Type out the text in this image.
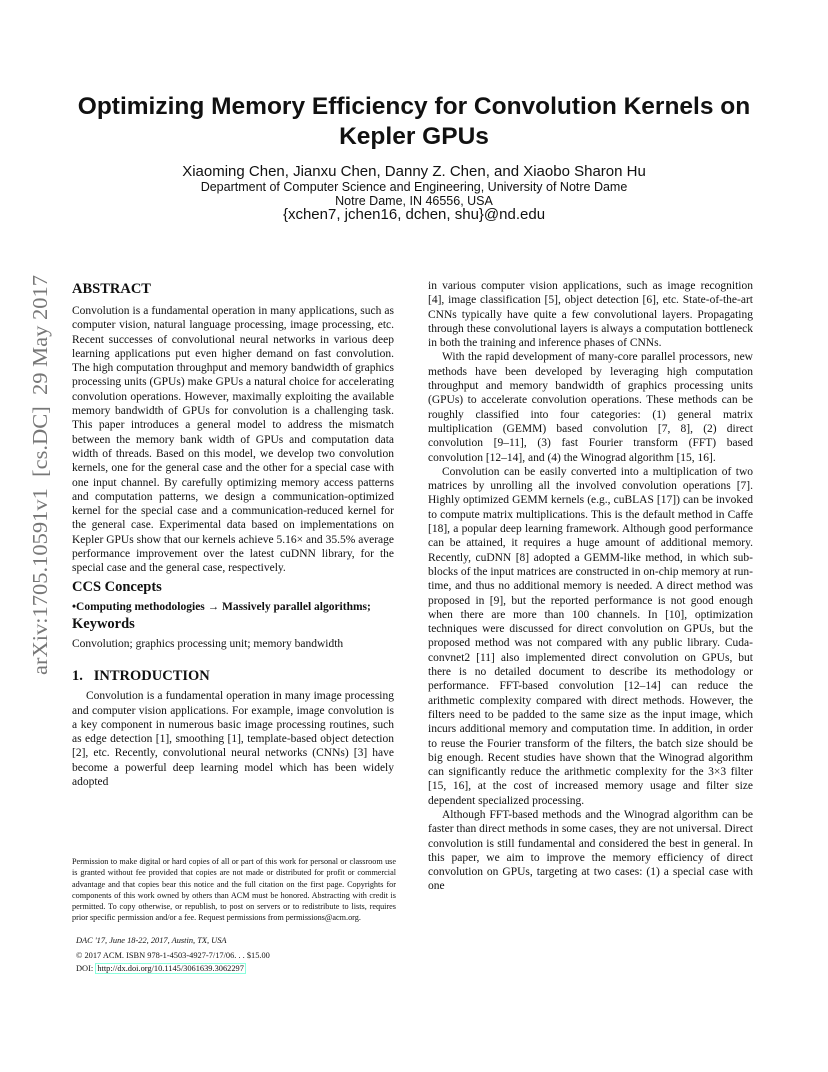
Optimizing Memory Efficiency for Convolution Kernels on
Kepler GPUs
Xiaoming Chen, Jianxu Chen, Danny Z. Chen, and Xiaobo Sharon Hu
Department of Computer Science and Engineering, University of Notre Dame
Notre Dame, IN 46556, USA
{xchen7, jchen16, dchen, shu}@nd.edu
arXiv:1705.10591v1  [cs.DC]  29 May 2017
ABSTRACT

Convolution is a fundamental operation in many applications, such as computer vision, natural language processing, image processing, etc. Recent successes of convolutional neural networks in various deep learning applications put even higher demand on fast convolution. The high computation throughput and memory bandwidth of graphics processing units (GPUs) make GPUs a natural choice for accelerating convolution operations. However, maximally exploiting the available memory bandwidth of GPUs for convolution is a challenging task. This paper introduces a general model to address the mismatch between the memory bank width of GPUs and computation data width of threads. Based on this model, we develop two convolution kernels, one for the general case and the other for a special case with one input channel. By carefully optimizing memory access patterns and computation patterns, we design a communication-optimized kernel for the special case and a communication-reduced kernel for the general case. Experimental data based on implementations on Kepler GPUs show that our kernels achieve 5.16× and 35.5% average performance improvement over the latest cuDNN library, for the special case and the general case, respectively.

CCS Concepts

•Computing methodologies → Massively parallel algorithms;

Keywords

Convolution; graphics processing unit; memory bandwidth

1.   INTRODUCTION

Convolution is a fundamental operation in many image processing and computer vision applications. For example, image convolution is a key component in numerous basic image processing routines, such as edge detection [1], smoothing [1], template-based object detection [2], etc. Recently, convolutional neural networks (CNNs) [3] have become a powerful deep learning model which has been widely adopted

in various computer vision applications, such as image recognition [4], image classification [5], object detection [6], etc. State-of-the-art CNNs typically have quite a few convolutional layers. Propagating through these convolutional layers is always a computation bottleneck in both the training and inference phases of CNNs.

With the rapid development of many-core parallel processors, new methods have been developed by leveraging high computation throughput and memory bandwidth of graphics processing units (GPUs) to accelerate convolution operations. These methods can be roughly classified into four categories: (1) general matrix multiplication (GEMM) based convolution [7, 8], (2) direct convolution [9–11], (3) fast Fourier transform (FFT) based convolution [12–14], and (4) the Winograd algorithm [15, 16].

Convolution can be easily converted into a multiplication of two matrices by unrolling all the involved convolution operations [7]. Highly optimized GEMM kernels (e.g., cuBLAS [17]) can be invoked to compute matrix multiplications. This is the default method in Caffe [18], a popular deep learning framework. Although good performance can be attained, it requires a huge amount of additional memory. Recently, cuDNN [8] adopted a GEMM-like method, in which sub-blocks of the input matrices are constructed in on-chip memory at run-time, and thus no additional memory is needed. A direct method was proposed in [9], but the reported performance is not good enough when there are more than 100 channels. In [10], optimization techniques were discussed for direct convolution on GPUs, but the proposed method was not compared with any public library. Cuda-convnet2 [11] also implemented direct convolution on GPUs, but there is no detailed document to describe its methodology or performance. FFT-based convolution [12–14] can reduce the arithmetic complexity compared with direct methods. However, the filters need to be padded to the same size as the input image, which incurs additional memory and computation time. In addition, in order to reuse the Fourier transform of the filters, the batch size should be big enough. Recent studies have shown that the Winograd algorithm can significantly reduce the arithmetic complexity for the 3×3 filter [15, 16], at the cost of increased memory usage and filter size dependent specialized processing.

Although FFT-based methods and the Winograd algorithm can be faster than direct methods in some cases, they are not universal. Direct convolution is still fundamental and considered the best in general. In this paper, we aim to improve the memory efficiency of direct convolution on GPUs, targeting at two cases: (1) a special case with one

Permission to make digital or hard copies of all or part of this work for personal or classroom use is granted without fee provided that copies are not made or distributed for profit or commercial advantage and that copies bear this notice and the full citation on the first page. Copyrights for components of this work owned by others than ACM must be honored. Abstracting with credit is permitted. To copy otherwise, or republish, to post on servers or to redistribute to lists, requires prior specific permission and/or a fee. Request permissions from permissions@acm.org.
DAC '17, June 18-22, 2017, Austin, TX, USA
© 2017 ACM. ISBN 978-1-4503-4927-7/17/06. . . $15.00
DOI: http://dx.doi.org/10.1145/3061639.3062297
